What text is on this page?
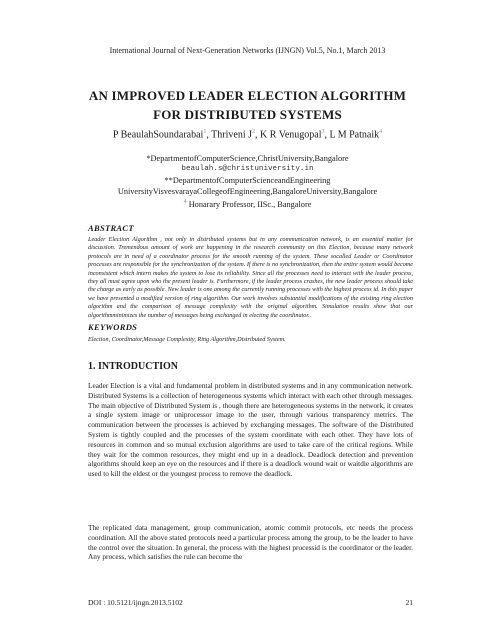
International Journal of Next-Generation Networks (IJNGN) Vol.5, No.1, March 2013
AN IMPROVED LEADER ELECTION ALGORITHM
FOR DISTRIBUTED SYSTEMS
P BeaulahSoundarabai$^1$, Thriveni $J^2$, K R Venugopal$^3$, L M Patnaik$^4$
*DepartmentofComputerScience,ChristUniversity,Bangalore
beaulah.s@christuniversity.in
**DepartmentofComputerScienceandEngineering
UniversityVisvesvarayaCollegeofEngineering,BangaloreUniversity,Bangalore
$^4$ Honarary Professor, IISc., Bangalore
ABSTRACT
Leader Election Algorithm , not only in distributed systems but in any communication network, is an essential matter for discussion. Tremendous amount of work are happening in the research community on this Election, because many network protocols are in need of a coordinator process for the smooth running of the system. These socalled Leader or Coordinator processes are responsible for the synchronization of the system. If there is no synchronization, then the entire system would become inconsistent which intern makes the system to lose its reliability. Since all the processes need to interact with the leader process, they all must agree upon who the present leader is. Furthermore, if the leader process crashes, the new leader process should take the charge as early as possible. New leader is one among the currently running processes with the highest process id. In this paper we have presented a modified version of ring algorithm. Our work involves substantial modifications of the existing ring election algorithm and the comparison of message complexity with the original algorithm. Simulation results show that our algorithmminimizes the number of messages being exchanged in electing the coordinator..
KEYWORDS
Election, Coordinator,Message Complexity, Ring Algorithm,Distributed System.
1. INTRODUCTION
Leader Election is a vital and fundamental problem in distributed systems and in any communication network. Distributed Systems is a collection of heterogeneous systems which interact with each other through messages. The main objective of Distributed System is , though there are heterogeneous systems in the network, it creates a single system image or uniprocessor image to the user, through various transparency metrics. The communication between the processes is achieved by exchanging messages. The software of the Distributed System is tightly coupled and the processes of the system coordinate with each other. They have lots of resources in common and so mutual exclusion algorithms are used to take care of the critical regions. While they wait for the common resources, they might end up in a deadlock. Deadlock detection and prevention algorithms should keep an eye on the resources and if there is a deadlock wound wait or waitdie algorithms are used to kill the eldest or the youngest process to remove the deadlock.
The replicated data management, group communication, atomic commit protocols, etc needs the process coordination. All the above stated protocols need a particular process among the group, to be the leader to have the control over the situation. In general, the process with the highest processid is the coordinator or the leader. Any process, which satisfies the rule can become the
DOI : 10.5121/ijngn.2013.5102	21
